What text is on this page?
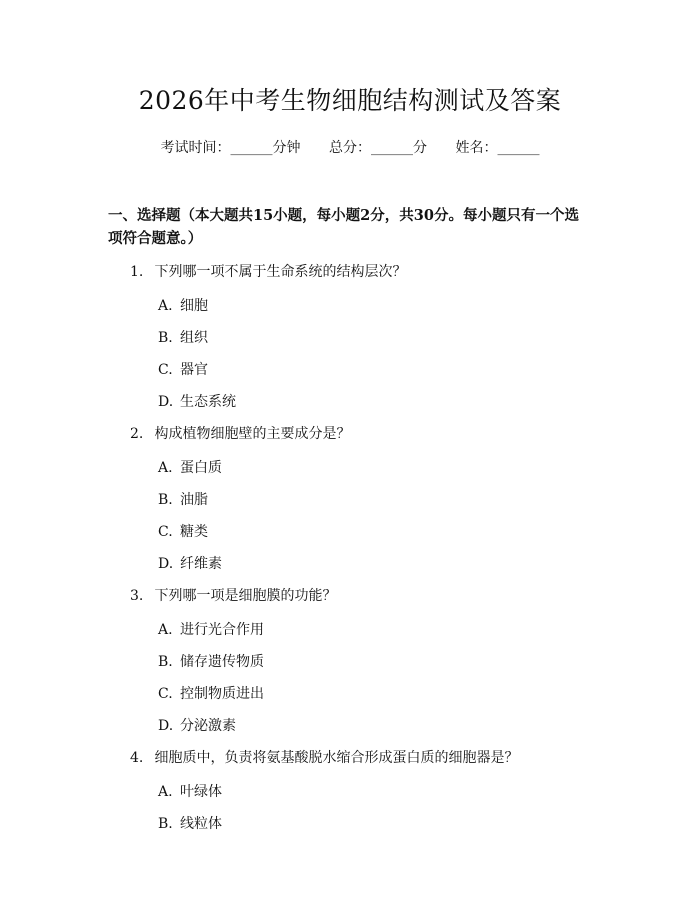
2026年中考生物细胞结构测试及答案
考试时间：______分钟 总分：______分 姓名：______
一、选择题（本大题共15小题，每小题2分，共30分。每小题只有一个选项符合题意。）
1. 下列哪一项不属于生命系统的结构层次？
A. 细胞
B. 组织
C. 器官
D. 生态系统
2. 构成植物细胞壁的主要成分是？
A. 蛋白质
B. 油脂
C. 糖类
D. 纤维素
3. 下列哪一项是细胞膜的功能？
A. 进行光合作用
B. 储存遗传物质
C. 控制物质进出
D. 分泌激素
4. 细胞质中，负责将氨基酸脱水缩合形成蛋白质的细胞器是？
A. 叶绿体
B. 线粒体
